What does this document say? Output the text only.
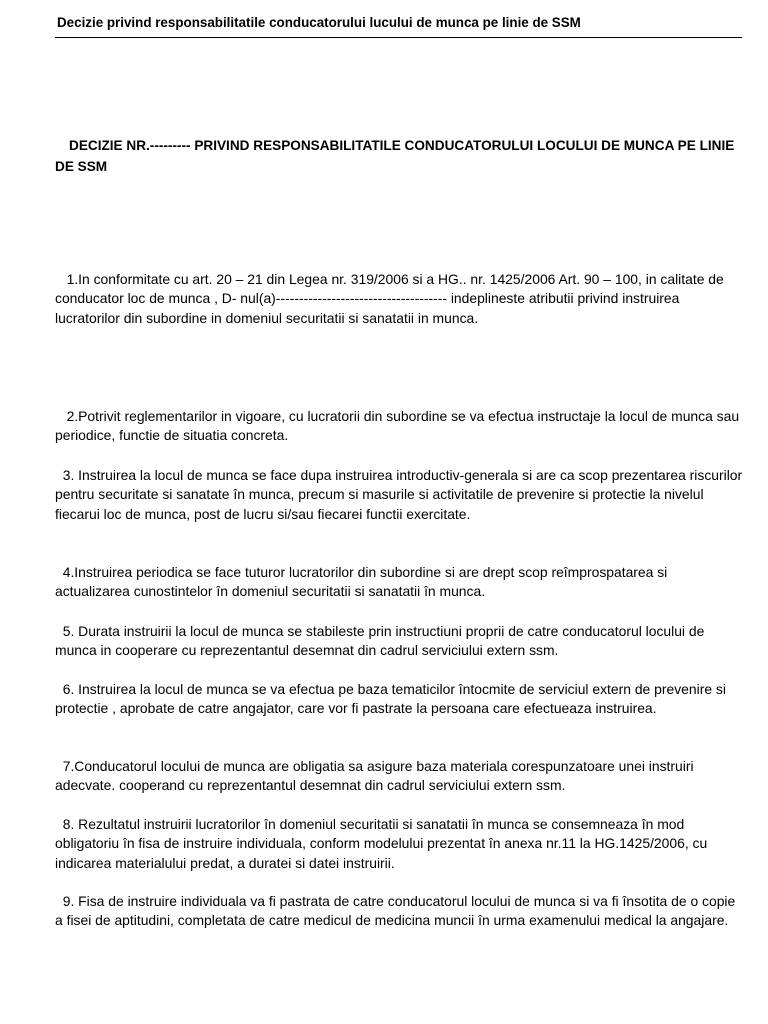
Decizie privind responsabilitatile conducatorului lucului de munca pe linie de SSM
DECIZIE NR.--------- PRIVIND RESPONSABILITATILE CONDUCATORULUI LOCULUI DE MUNCA PE LINIE DE SSM

1.In conformitate cu art. 20 – 21 din Legea nr. 319/2006 si a HG.. nr. 1425/2006 Art. 90 – 100, in calitate de conducator loc de munca , D- nul(a)------------------------------------- indeplineste atributii privind instruirea lucratorilor din subordine in domeniul securitatii si sanatatii in munca.

2.Potrivit reglementarilor in vigoare, cu lucratorii din subordine se va efectua instructaje la locul de munca sau periodice, functie de situatia concreta.

3. Instruirea la locul de munca se face dupa instruirea introductiv-generala si are ca scop prezentarea riscurilor pentru securitate si sanatate în munca, precum si masurile si activitatile de prevenire si protectie la nivelul fiecarui loc de munca, post de lucru si/sau fiecarei functii exercitate.

4.Instruirea periodica se face tuturor lucratorilor din subordine si are drept scop reîmprospatarea si actualizarea cunostintelor în domeniul securitatii si sanatatii în munca.

5. Durata instruirii la locul de munca se stabileste prin instructiuni proprii de catre conducatorul locului de munca in cooperare cu reprezentantul desemnat din cadrul serviciului extern ssm.

6. Instruirea la locul de munca se va efectua pe baza tematicilor întocmite de serviciul extern de prevenire si protectie , aprobate de catre angajator, care vor fi pastrate la persoana care efectueaza instruirea.

7.Conducatorul locului de munca are obligatia sa asigure baza materiala corespunzatoare unei instruiri adecvate. cooperand cu reprezentantul desemnat din cadrul serviciului extern ssm.

8. Rezultatul instruirii lucratorilor în domeniul securitatii si sanatatii în munca se consemneaza în mod obligatoriu în fisa de instruire individuala, conform modelului prezentat în anexa nr.11 la HG.1425/2006, cu indicarea materialului predat, a duratei si datei instruirii.

9. Fisa de instruire individuala va fi pastrata de catre conducatorul locului de munca si va fi însotita de o copie a fisei de aptitudini, completata de catre medicul de medicina muncii în urma examenului medical la angajare.
